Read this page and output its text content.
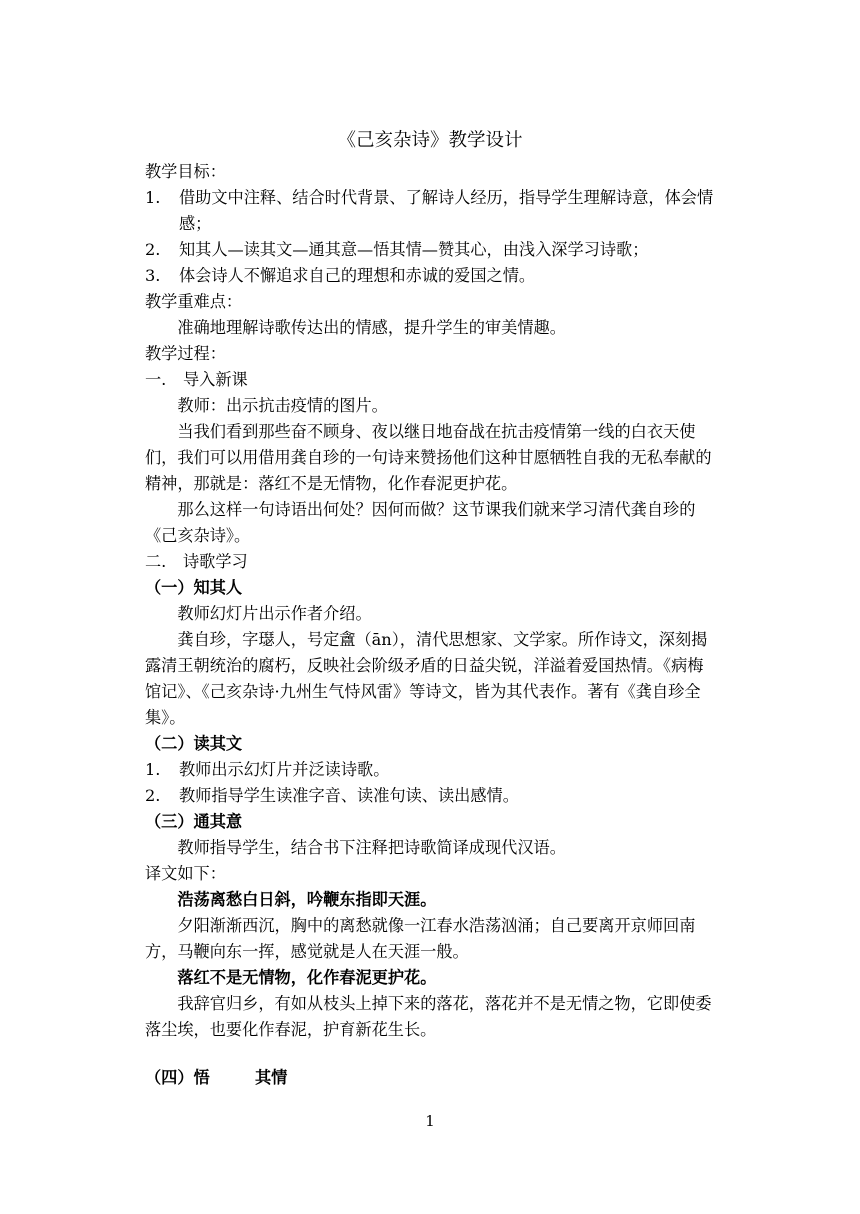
《己亥杂诗》教学设计

教学目标：

1.	借助文中注释、结合时代背景、了解诗人经历，指导学生理解诗意，体会情感；
2.	知其人—读其文—通其意—悟其情—赞其心，由浅入深学习诗歌；
3.	体会诗人不懈追求自己的理想和赤诚的爱国之情。

教学重难点：

准确地理解诗歌传达出的情感，提升学生的审美情趣。

教学过程：

一.	导入新课

教师：出示抗击疫情的图片。

当我们看到那些奋不顾身、夜以继日地奋战在抗击疫情第一线的白衣天使们，我们可以用借用龚自珍的一句诗来赞扬他们这种甘愿牺牲自我的无私奉献的精神，那就是：落红不是无情物，化作春泥更护花。

那么这样一句诗语出何处？因何而做？这节课我们就来学习清代龚自珍的《己亥杂诗》。

二.	诗歌学习

（一）知其人

教师幻灯片出示作者介绍。

龚自珍，字璱人，号定盦（ān），清代思想家、文学家。所作诗文，深刻揭露清王朝统治的腐朽，反映社会阶级矛盾的日益尖锐，洋溢着爱国热情。《病梅馆记》、《己亥杂诗·九州生气恃风雷》等诗文，皆为其代表作。著有《龚自珍全集》。

（二）读其文

1.	教师出示幻灯片并泛读诗歌。
2.	教师指导学生读准字音、读准句读、读出感情。

（三）通其意

教师指导学生，结合书下注释把诗歌简译成现代汉语。

译文如下：

浩荡离愁白日斜，吟鞭东指即天涯。

夕阳渐渐西沉，胸中的离愁就像一江春水浩荡汹涌；自己要离开京师回南方，马鞭向东一挥，感觉就是人在天涯一般。

落红不是无情物，化作春泥更护花。

我辞官归乡，有如从枝头上掉下来的落花，落花并不是无情之物，它即使委落尘埃，也要化作春泥，护育新花生长。

（四）悟	其情
1
